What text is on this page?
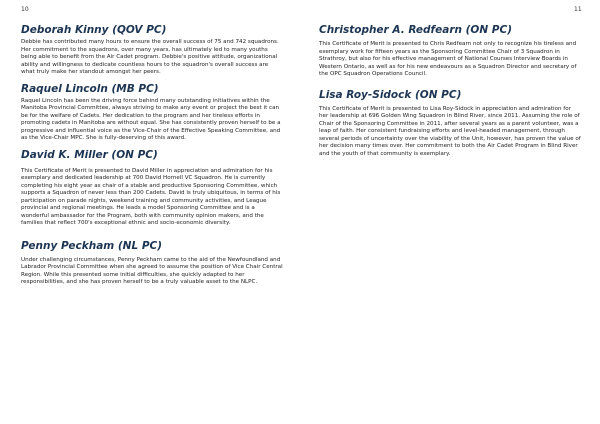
10	11
Deborah Kinny (QOV PC)

Debbie has contributed many hours to ensure the overall success of 75 and 742 squadrons. Her commitment to the squadrons, over many years, has ultimately led to many youths being able to benefit from the Air Cadet program. Debbie's positive attitude, organizational ability and willingness to dedicate countless hours to the squadron's overall success are what truly make her standout amongst her peers.

Raquel Lincoln (MB PC)

Raquel Lincoln has been the driving force behind many outstanding initiatives within the Manitoba Provincial Committee, always striving to make any event or project the best it can be for the welfare of Cadets. Her dedication to the program and her tireless efforts in promoting cadets in Manitoba are without equal. She has consistently proven herself to be a progressive and influential voice as the Vice-Chair of the Effective Speaking Committee, and as the Vice-Chair MPC. She is fully-deserving of this award.

David K. Miller (ON PC)

This Certificate of Merit is presented to David Miller in appreciation and admiration for his exemplary and dedicated leadership at 700 David Hornell VC Squadron. He is currently completing his eight year as chair of a stable and productive Sponsoring Committee, which supports a Squadron of never less than 200 Cadets. David is truly ubiquitous, in terms of his participation on parade nights, weekend training and community activities, and League provincial and regional meetings. He leads a model Sponsoring Committee and is a wonderful ambassador for the Program, both with community opinion makers, and the families that reflect 700's exceptional ethnic and socio-economic diversity.

Penny Peckham (NL PC)

Under challenging circumstances, Penny Peckham came to the aid of the Newfoundland and Labrador Provincial Committee when she agreed to assume the position of Vice Chair Central Region. While this presented some initial difficulties, she quickly adapted to her responsibilities, and she has proven herself to be a truly valuable asset to the NLPC.

Christopher A. Redfearn (ON PC)

This Certificate of Merit is presented to Chris Redfearn not only to recognize his tireless and exemplary work for fifteen years as the Sponsoring Committee Chair of 3 Squadron in Strathroy, but also for his effective management of National Courses Interview Boards in Western Ontario, as well as for his new endeavours as a Squadron Director and secretary of the OPC Squadron Operations Council.

Lisa Roy-Sidock (ON PC)

This Certificate of Merit is presented to Lisa Roy-Sidock in appreciation and admiration for her leadership at 696 Golden Wing Squadron in Blind River, since 2011. Assuming the role of Chair of the Sponsoring Committee in 2011, after several years as a parent volunteer, was a leap of faith. Her consistent fundraising efforts and level-headed management, through several periods of uncertainty over the viability of the Unit, however, has proven the value of her decision many times over. Her commitment to both the Air Cadet Program in Blind River and the youth of that community is exemplary.
